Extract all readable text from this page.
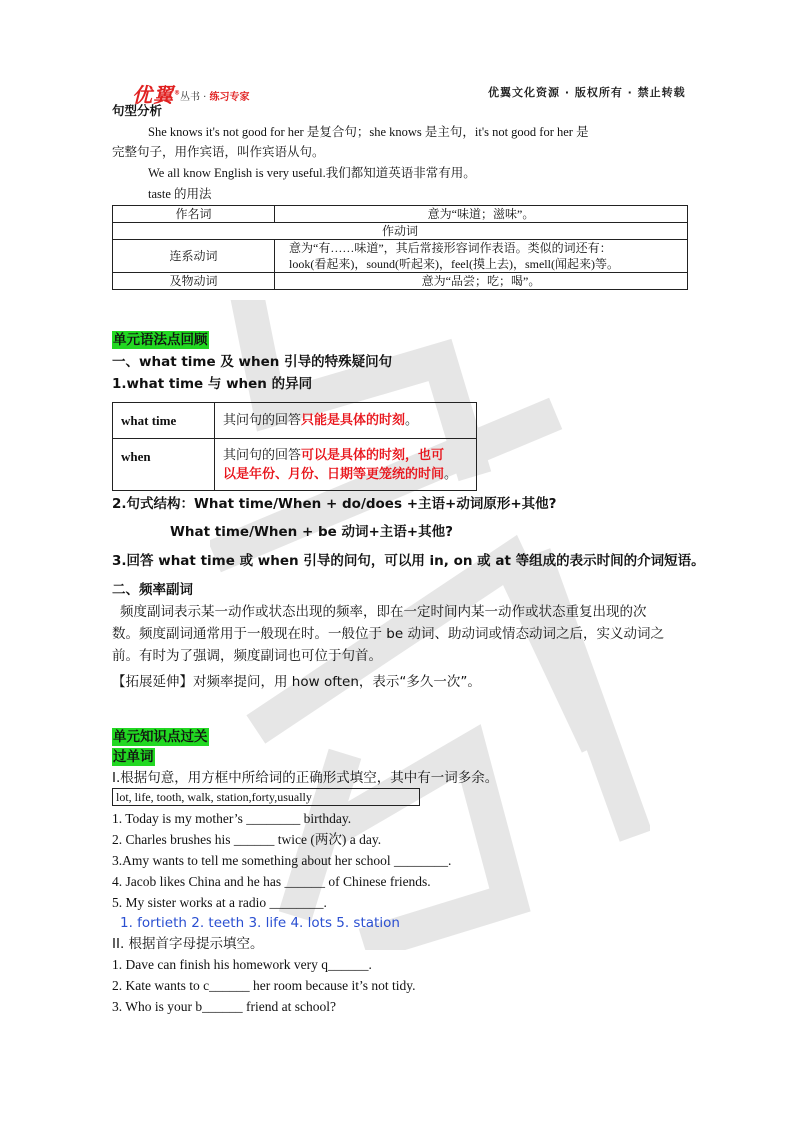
优翼® 丛书 · 练习专家	优翼文化资源 · 版权所有 · 禁止转载
句型分析
She knows it's not good for her 是复合句；she knows 是主句，it's not good for her 是
完整句子，用作宾语，叫作宾语从句。
We all know English is very useful.我们都知道英语非常有用。
taste 的用法
作名词	意为“味道；滋味”。
作动词	
连系动词	意为“有……味道”，其后常接形容词作表语。类似的词还有：
look(看起来)，sound(听起来)，feel(摸上去)，smell(闻起来)等。

及物动词	意为“品尝；吃；喝”。
单元语法点回顾
一、what time 及 when 引导的特殊疑问句
1.what time 与 when 的异同
what time	其问句的回答只能是具体的时刻。
when	其问句的回答可以是具体的时刻，也可
以是年份、月份、日期等更笼统的时间。
2.句式结构：What time/When + do/does +主语+动词原形+其他?
What time/When + be 动词+主语+其他?
3.回答 what time 或 when 引导的问句，可以用 in, on 或 at 等组成的表示时间的介词短语。
二、频率副词
频度副词表示某一动作或状态出现的频率，即在一定时间内某一动作或状态重复出现的次
数。频度副词通常用于一般现在时。一般位于 be 动词、助动词或情态动词之后，实义动词之
前。有时为了强调，频度副词也可位于句首。
【拓展延伸】对频率提问，用 how often，表示“多久一次”。
单元知识点过关
过单词
I.根据句意，用方框中所给词的正确形式填空，其中有一词多余。
lot, life, tooth, walk, station,forty,usually
1. Today is my mother’s ________ birthday.
2. Charles brushes his ______ twice (两次) a day.
3.Amy wants to tell me something about her school ________.
4. Jacob likes China and he has ______ of Chinese friends.
5. My sister works at a radio ________.
1. fortieth 2. teeth 3. life 4. lots 5. station
II. 根据首字母提示填空。
1. Dave can finish his homework very q______.
2. Kate wants to c______ her room because it’s not tidy.
3. Who is your b______ friend at school?
